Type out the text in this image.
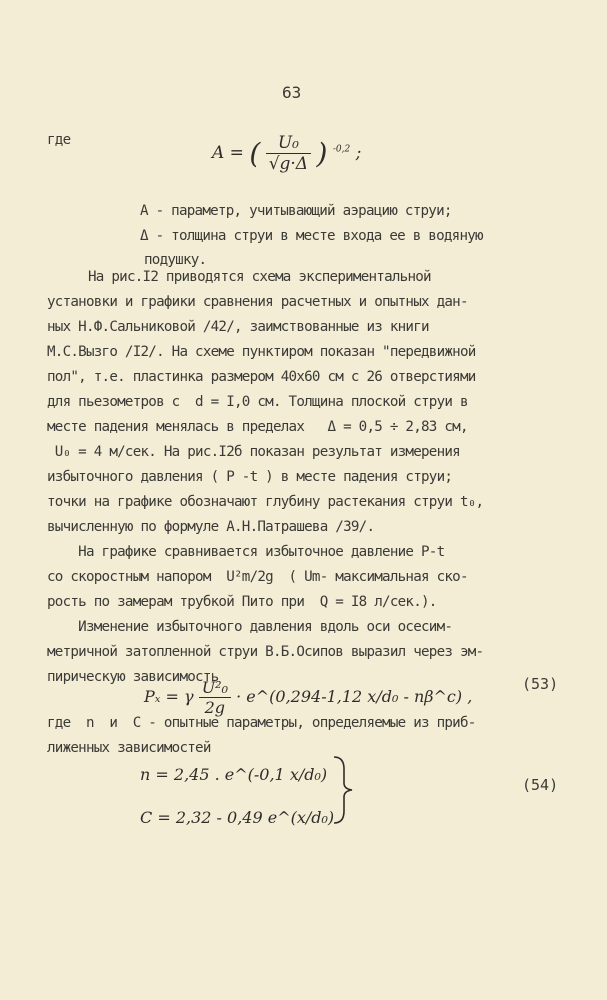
63
где
A = ( $\frac{\text{U₀}}{√g\cdot\Delta}$ ) $^{-0,2}$ ;
A - параметр, учитывающий аэрацию струи;
Δ - толщина струи в месте входа ее в водяную
подушку.
На рис.I2 приводятся схема экспериментальной
установки и графики сравнения расчетных и опытных дан-
ных Н.Ф.Сальниковой /42/, заимствованные из книги
М.С.Вызго /I2/. На схеме пунктиром показан "передвижной
пол", т.е. пластинка размером 40х60 см с 26 отверстиями
для пьезометров с  d = I,0 см. Толщина плоской струи в
месте падения менялась в пределах   Δ = 0,5 ÷ 2,83 см,
U₀ = 4 м/сек. На рис.I2б показан результат измерения
избыточного давления ( P -t ) в месте падения струи;
точки на графике обозначают глубину растекания струи t₀,
вычисленную по формуле А.Н.Патрашева /39/.
На графике сравнивается избыточное давление P-t
со скоростным напором  U²m/2g  ( Um- максимальная ско-
рость по замерам трубкой Пито при  Q = I8 л/сек.).
Изменение избыточного давления вдоль оси осесим-
метричной затопленной струи В.Б.Осипов выразил через эм-
пирическую зависимость
Pₓ = γ $\frac{\text{U²₀}}{2g}$ · e^(0,294-1,12 x/d₀ - nβ^c) ,
(53)
где  n  и  C - опытные параметры, определяемые из приб-
лиженных зависимостей
n = 2,45 . e^(-0,1 x/d₀)
C = 2,32 - 0,49 e^(x/d₀)
(54)
